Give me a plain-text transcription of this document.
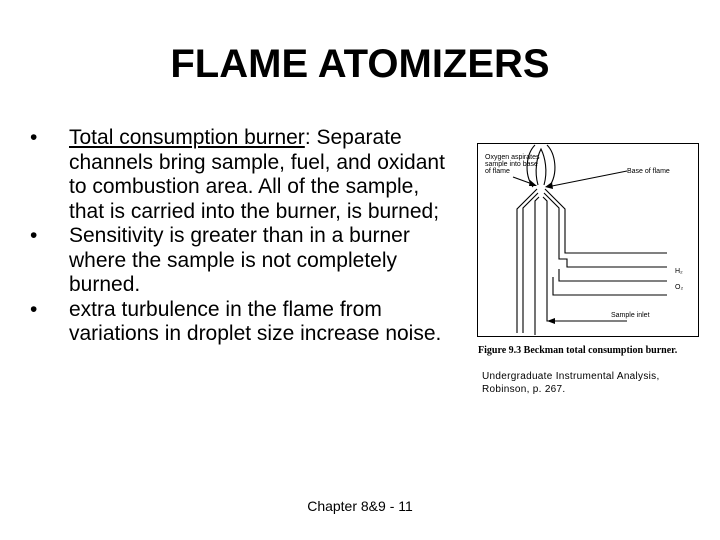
FLAME ATOMIZERS
• Total consumption burner: Separate channels bring sample, fuel, and oxidant to combustion area. All of the sample, that is carried into the burner, is burned;
• Sensitivity is greater than in a burner where the sample is not completely burned.
• extra turbulence in the flame from variations in droplet size increase noise.
Oxygen aspirates
sample into base
of flame	Base of flame
H₂
O₂
Sample inlet
Figure 9.3 Beckman total consumption burner.
Undergraduate Instrumental Analysis,
Robinson, p. 267.
Chapter 8&9 - 11
